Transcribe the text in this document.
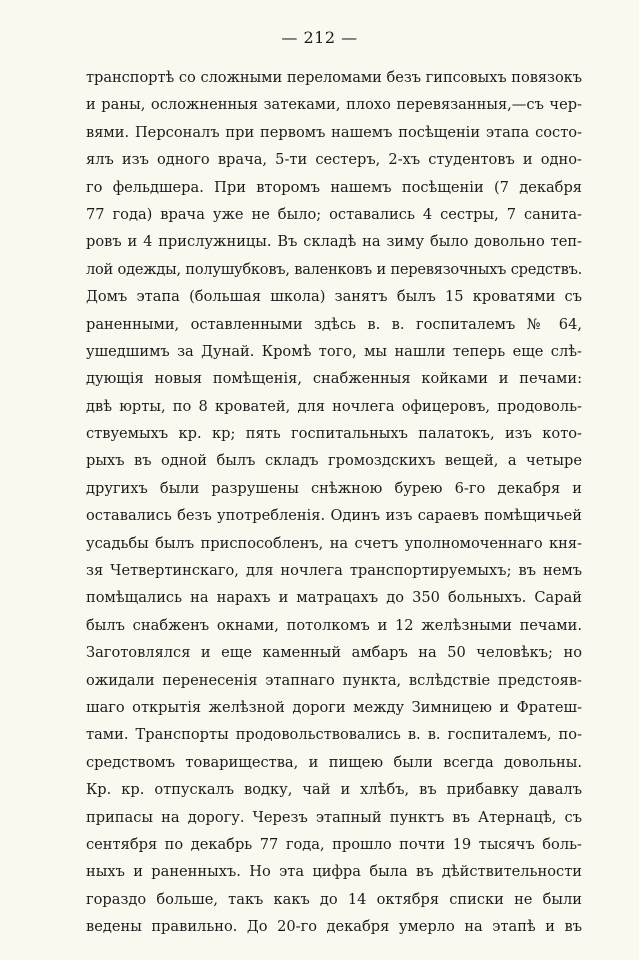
— 212 —
транспортѣ со сложными переломами безъ гипсовыхъ повязокъ
и раны, осложненныя затеками, плохо перевязанныя,—съ чер-
вями. Персоналъ при первомъ нашемъ посѣщеніи этапа состо-
ялъ изъ одного врача, 5-ти сестеръ, 2-хъ студентовъ и одно-
го фельдшера. При второмъ нашемъ посѣщеніи (7 декабря
77 года) врача уже не было; оставались 4 сестры, 7 санита-
ровъ и 4 прислужницы. Въ складѣ на зиму было довольно теп-
лой одежды, полушубковъ, валенковъ и перевязочныхъ средствъ.
Домъ этапа (большая школа) занятъ былъ 15 кроватями съ
раненными, оставленными здѣсь в. в. госпиталемъ № 64,
ушедшимъ за Дунай. Кромѣ того, мы нашли теперь еще слѣ-
дующія новыя помѣщенія, снабженныя койками и печами:
двѣ юрты, по 8 кроватей, для ночлега офицеровъ, продоволь-
ствуемыхъ кр. кр; пять госпитальныхъ палатокъ, изъ кото-
рыхъ въ одной былъ складъ громоздскихъ вещей, а четыре
другихъ были разрушены снѣжною бурею 6-го декабря и
оставались безъ употребленія. Одинъ изъ сараевъ помѣщичьей
усадьбы былъ приспособленъ, на счетъ уполномоченнаго кня-
зя Четвертинскаго, для ночлега транспортируемыхъ; въ немъ
помѣщались на нарахъ и матрацахъ до 350 больныхъ. Сарай
былъ снабженъ окнами, потолкомъ и 12 желѣзными печами.
Заготовлялся и еще каменный амбаръ на 50 человѣкъ; но
ожидали перенесенія этапнаго пункта, вслѣдствіе предстояв-
шаго открытія желѣзной дороги между Зимницею и Фратеш-
тами. Транспорты продовольствовались в. в. госпиталемъ, по-
средствомъ товарищества, и пищею были всегда довольны.
Кр. кр. отпускалъ водку, чай и хлѣбъ, въ прибавку давалъ
припасы на дорогу. Черезъ этапный пунктъ въ Атернацѣ, съ
сентября по декабрь 77 года, прошло почти 19 тысячъ боль-
ныхъ и раненныхъ. Но эта цифра была въ дѣйствительности
гораздо больше, такъ какъ до 14 октября списки не были
ведены правильно. До 20-го декабря умерло на этапѣ и въ
